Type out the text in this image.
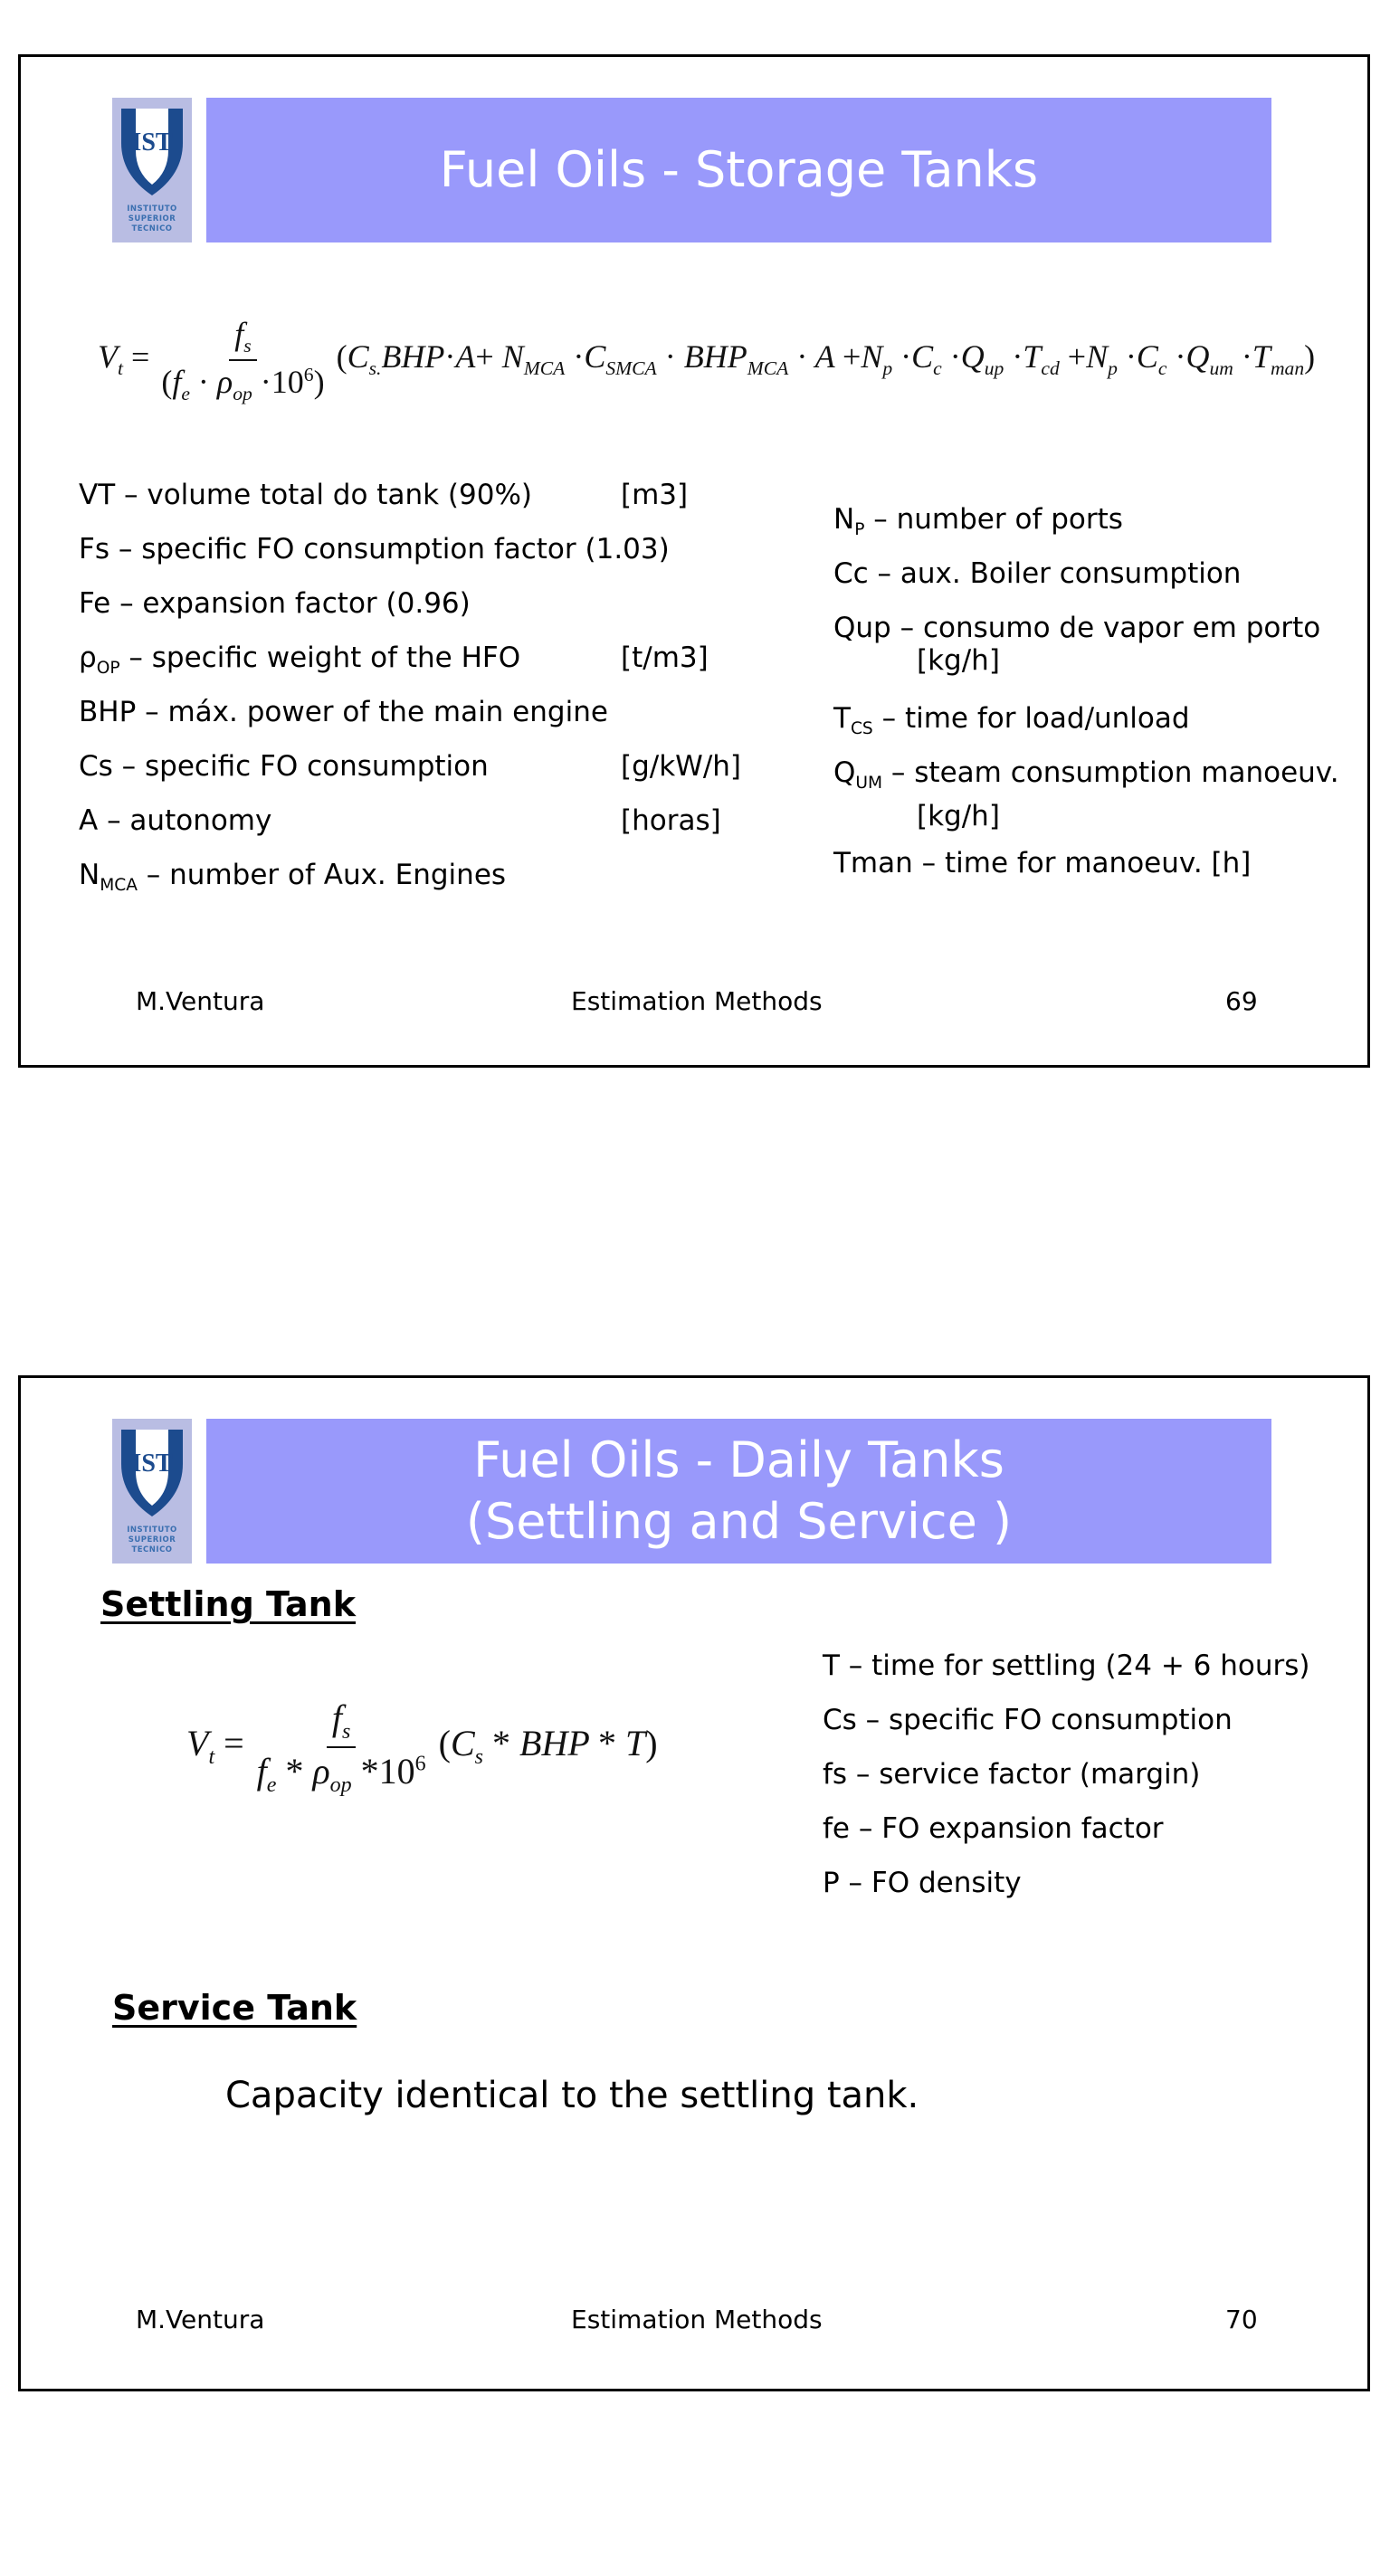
IST
INSTITUTO
SUPERIOR
TECNICO
Fuel Oils - Storage Tanks
$V_t = \frac{f_s}{(f_e \cdot \rho_{op} \cdot 10^6)} (C_{s.}BHP\cdot A+ N_{MCA} \cdot C_{SMCA} \cdot BHP_{MCA} \cdot A +N_p \cdot C_c \cdot Q_{up} \cdot T_{cd} +N_p \cdot C_c \cdot Q_{um} \cdot T_{man})$
VT – volume total do tank (90%)	[m3]
Fs – specific FO consumption factor (1.03)
Fe – expansion factor (0.96)
$\rho_{OP}$ – specific weight of the HFO	[t/m3]
BHP – máx. power of the main engine
Cs – specific FO consumption	[g/kW/h]
A – autonomy	[horas]
$N_{MCA}$ – number of Aux. Engines
$N_P$ – number of ports
Cc – aux. Boiler consumption
Qup – consumo de vapor em porto
[kg/h]
$T_{CS}$ – time for load/unload
$Q_{UM}$ – steam consumption manoeuv.
[kg/h]
Tman – time for manoeuv. [h]
M.Ventura	Estimation Methods	69
IST
INSTITUTO
SUPERIOR
TECNICO
Fuel Oils - Daily Tanks
(Settling and Service )
Settling Tank
$V_t = \frac{f_s}{f_e * \rho_{op} *10^6} (C_s$ * BHP * T)
T – time for settling (24 + 6 hours)
Cs – specific FO consumption
fs – service factor (margin)
fe – FO expansion factor
P – FO density
Service Tank
Capacity identical to the settling tank.
M.Ventura	Estimation Methods	70
